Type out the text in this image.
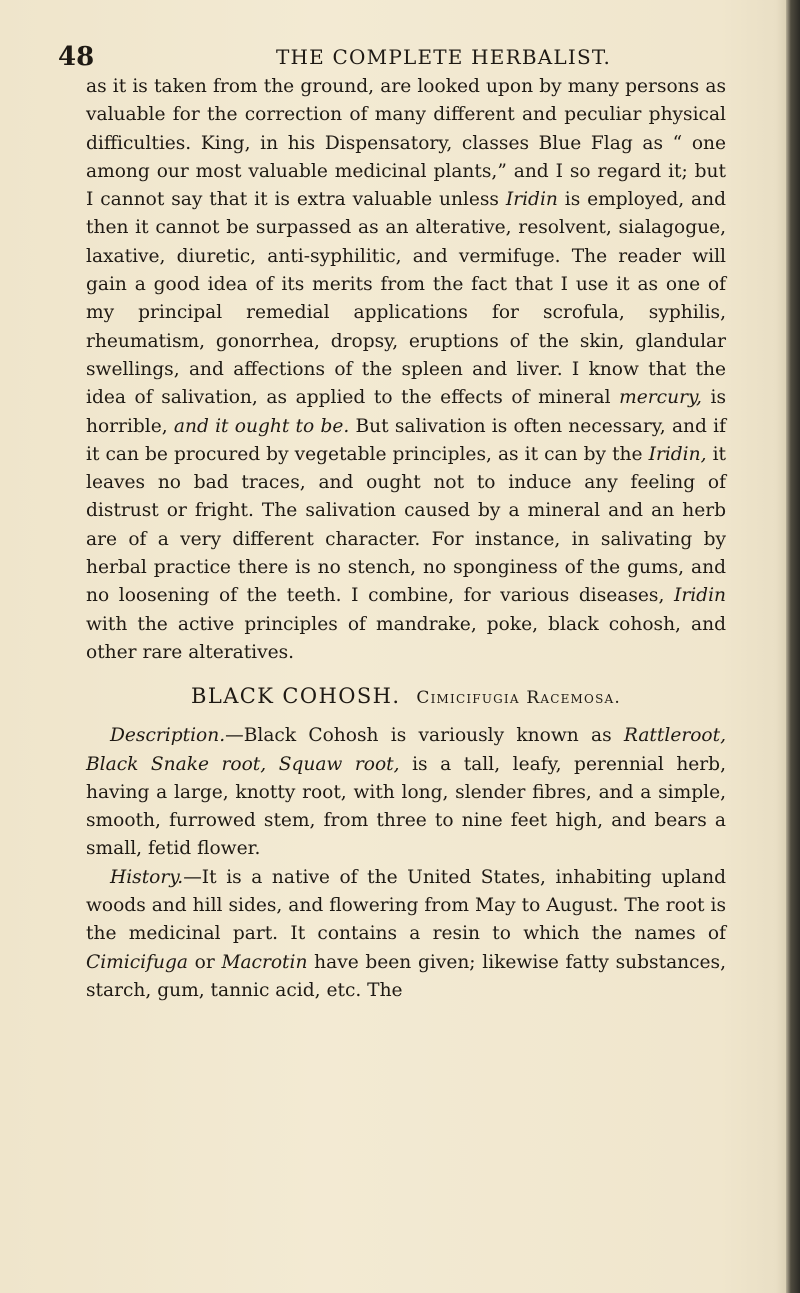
48	THE COMPLETE HERBALIST.

as it is taken from the ground, are looked upon by many persons as valuable for the correction of many different and peculiar physical difficulties. King, in his Dispensatory, classes Blue Flag as “ one among our most valuable medicinal plants,” and I so regard it; but I cannot say that it is extra valuable unless Iridin is employed, and then it cannot be surpassed as an alterative, resolvent, sialagogue, laxative, diuretic, anti-syphilitic, and vermifuge. The reader will gain a good idea of its merits from the fact that I use it as one of my principal remedial applications for scrofula, syphilis, rheumatism, gonorrhea, dropsy, eruptions of the skin, glandular swellings, and affections of the spleen and liver. I know that the idea of salivation, as applied to the effects of mineral mercury, is horrible, and it ought to be. But salivation is often necessary, and if it can be procured by vegetable principles, as it can by the Iridin, it leaves no bad traces, and ought not to induce any feeling of distrust or fright. The salivation caused by a mineral and an herb are of a very different character. For instance, in salivating by herbal practice there is no stench, no sponginess of the gums, and no loosening of the teeth. I combine, for various diseases, Iridin with the active principles of mandrake, poke, black cohosh, and other rare alteratives.

BLACK COHOSH. Cimicifugia Racemosa.

Description.—Black Cohosh is variously known as Rattleroot, Black Snake root, Squaw root, is a tall, leafy, perennial herb, having a large, knotty root, with long, slender fibres, and a simple, smooth, furrowed stem, from three to nine feet high, and bears a small, fetid flower.

History.—It is a native of the United States, inhabiting upland woods and hill sides, and flowering from May to August. The root is the medicinal part. It contains a resin to which the names of Cimicifuga or Macrotin have been given; likewise fatty substances, starch, gum, tannic acid, etc. The
